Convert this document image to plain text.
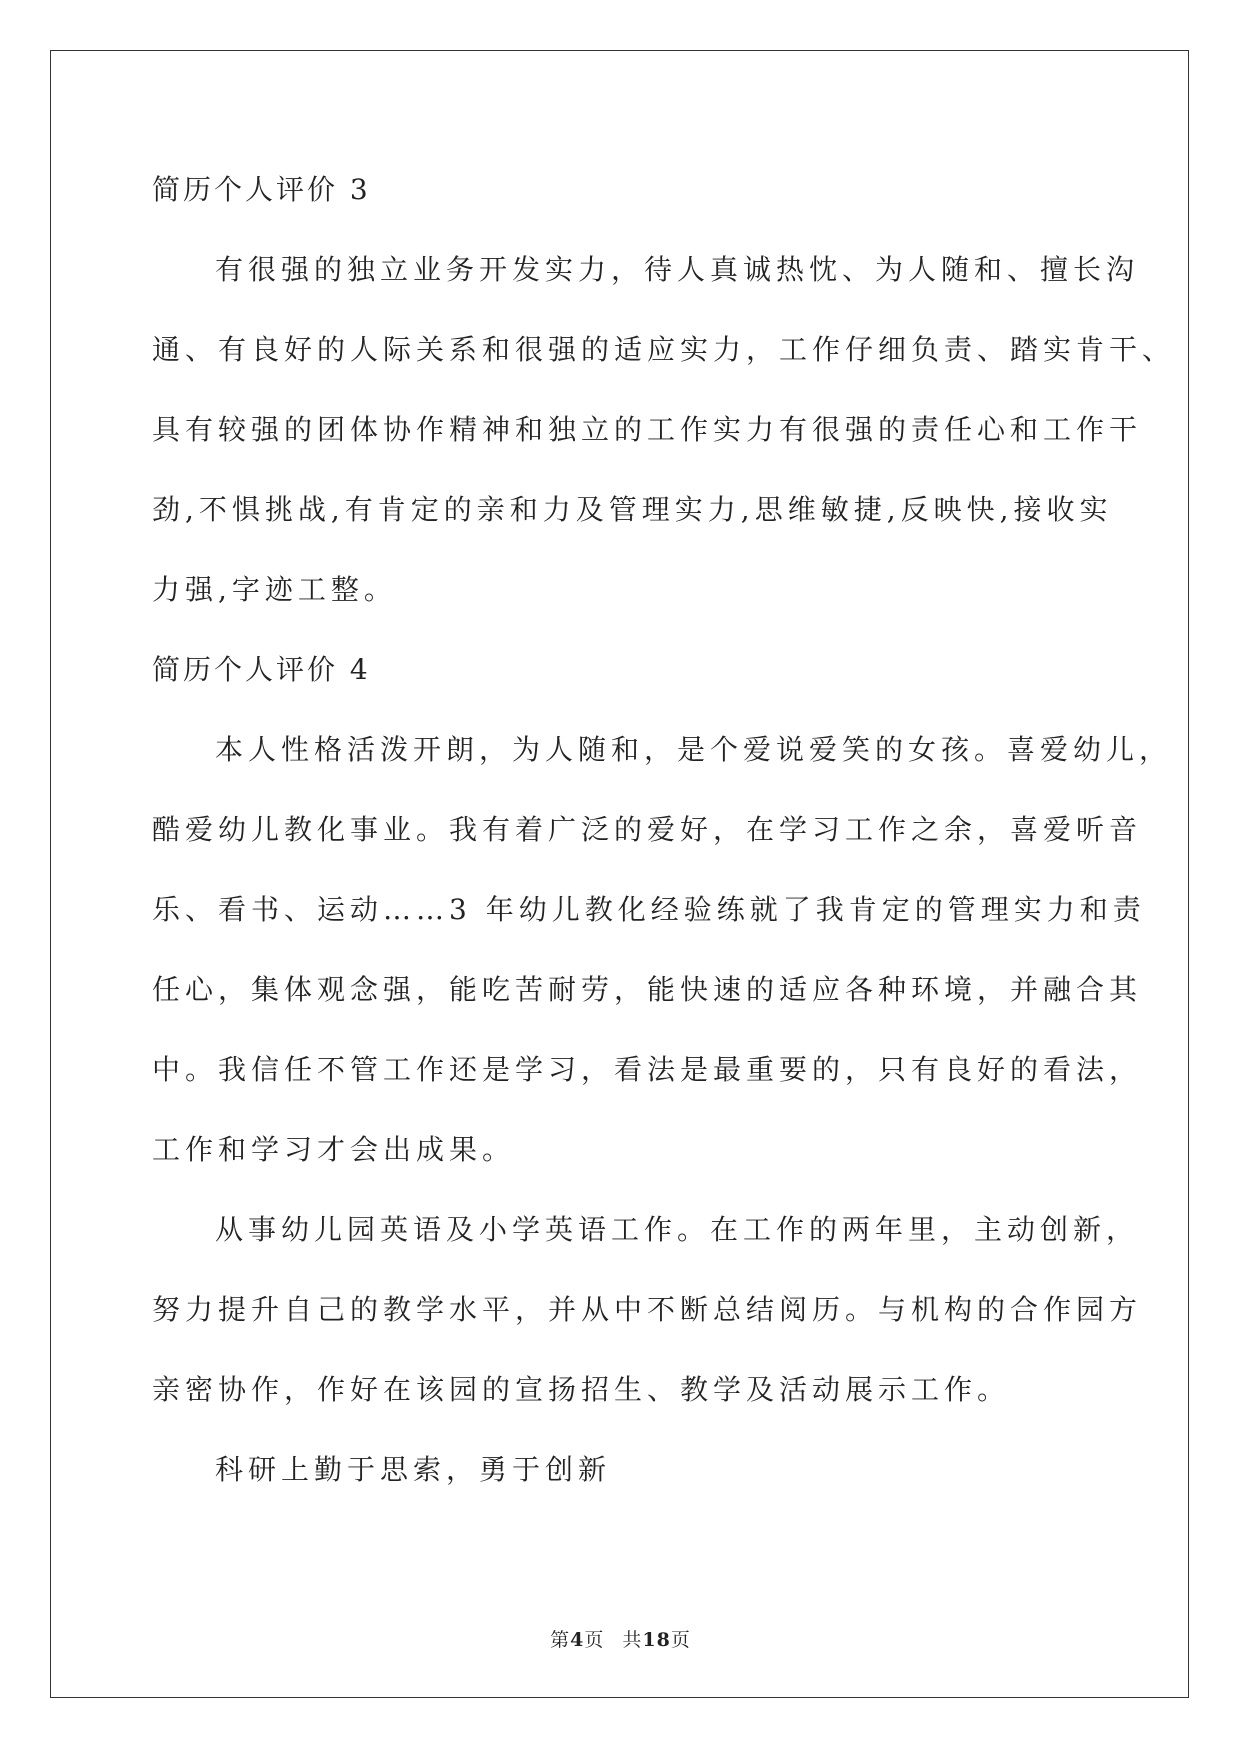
简历个人评价 3

有很强的独立业务开发实力，待人真诚热忱、为人随和、擅长沟

通、有良好的人际关系和很强的适应实力，工作仔细负责、踏实肯干、

具有较强的团体协作精神和独立的工作实力有很强的责任心和工作干

劲,不惧挑战,有肯定的亲和力及管理实力,思维敏捷,反映快,接收实

力强,字迹工整。

简历个人评价 4

本人性格活泼开朗，为人随和，是个爱说爱笑的女孩。喜爱幼儿，

酷爱幼儿教化事业。我有着广泛的爱好，在学习工作之余，喜爱听音

乐、看书、运动……3 年幼儿教化经验练就了我肯定的管理实力和责

任心，集体观念强，能吃苦耐劳，能快速的适应各种环境，并融合其

中。我信任不管工作还是学习，看法是最重要的，只有良好的看法，

工作和学习才会出成果。

从事幼儿园英语及小学英语工作。在工作的两年里，主动创新，

努力提升自己的教学水平，并从中不断总结阅历。与机构的合作园方

亲密协作，作好在该园的宣扬招生、教学及活动展示工作。

科研上勤于思索，勇于创新

第4页 共18页
